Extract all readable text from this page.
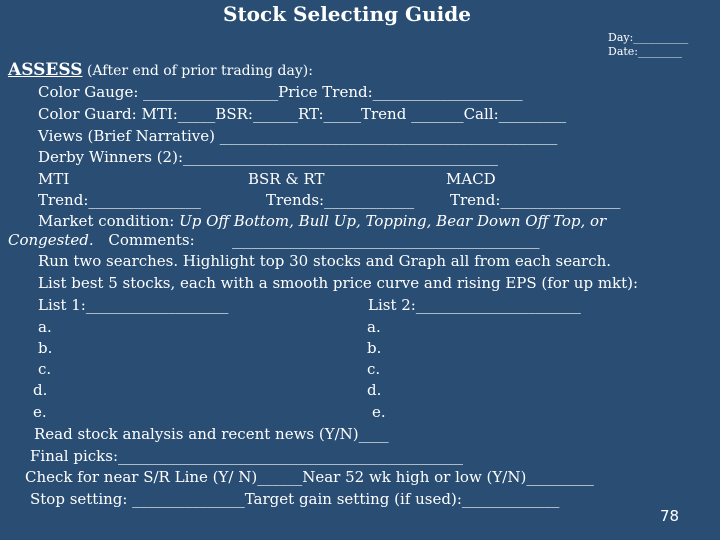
Stock Selecting Guide
Day:__________
Date:________
ASSESS (After end of prior trading day):
Color Gauge: __________________Price Trend:____________________
Color Guard: MTI:_____BSR:______RT:_____Trend _______Call:_________
Views (Brief Narrative) _____________________________________________
Derby Winners (2):__________________________________________
MTI	BSR & RT	MACD
Trend:_______________	Trends:____________ Trend:________________
Market condition: Up Off Bottom, Bull Up, Topping, Bear Down Off Top, or
Congested. Comments: _________________________________________
Run two searches. Highlight top 30 stocks and Graph all from each search.
List best 5 stocks, each with a smooth price curve and rising EPS (for up mkt):
List 1:___________________	List 2:______________________
a.	a.
b.	b.
c.	c.
d.	d.
e.	e.
Read stock analysis and recent news (Y/N)____
Final picks:______________________________________________
Check for near S/R Line (Y/ N)______Near 52 wk high or low (Y/N)_________
Stop setting: _______________Target gain setting (if used):_____________
78
